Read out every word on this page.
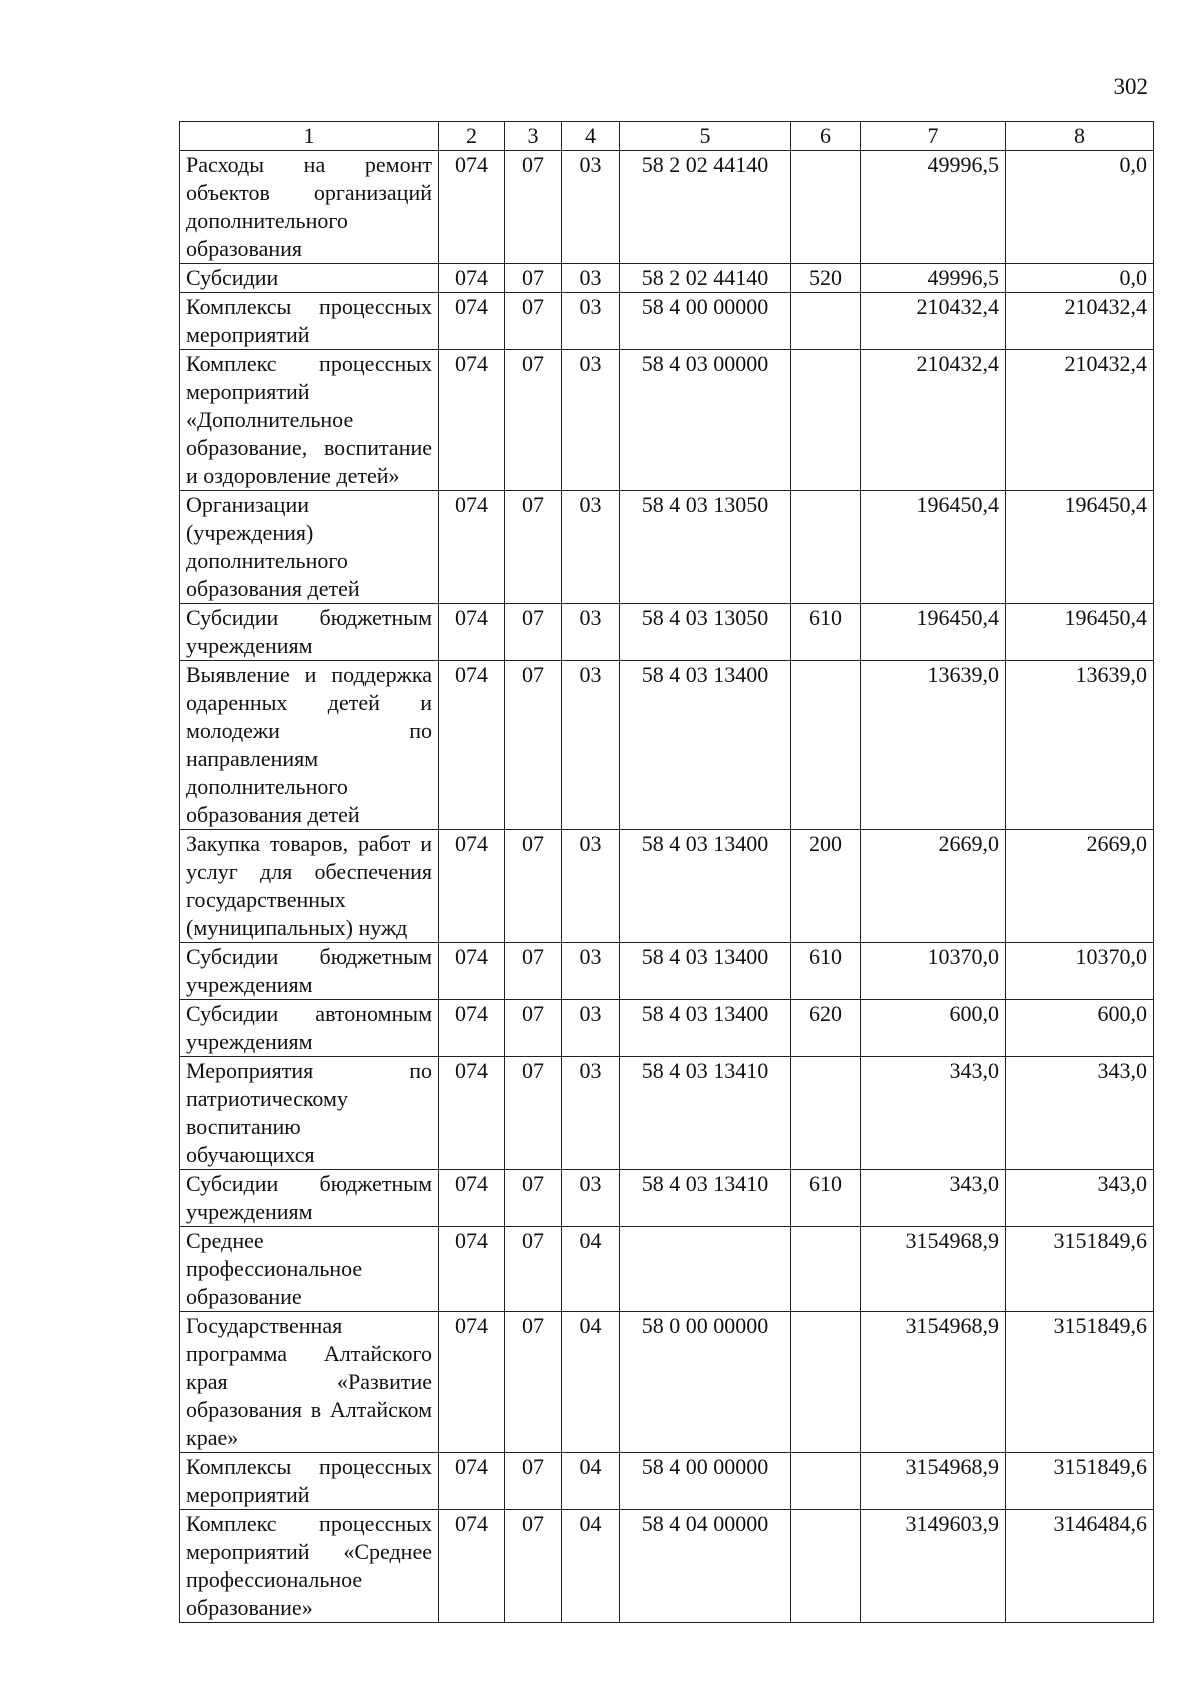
302
1	2	3	4	5	6	7	8
Расходы на ремонт объектов организаций дополнительного образования	074	07	03	58 2 02 44140		49996,5	0,0
Субсидии	074	07	03	58 2 02 44140	520	49996,5	0,0
Комплексы процессных мероприятий	074	07	03	58 4 00 00000		210432,4	210432,4
Комплекс процессных мероприятий «Дополнительное образование, воспитание и оздоровление детей»	074	07	03	58 4 03 00000		210432,4	210432,4
Организации (учреждения) дополнительного образования детей	074	07	03	58 4 03 13050		196450,4	196450,4
Субсидии бюджетным учреждениям	074	07	03	58 4 03 13050	610	196450,4	196450,4
Выявление и поддержка одаренных детей и молодежи по направлениям дополнительного образования детей	074	07	03	58 4 03 13400		13639,0	13639,0
Закупка товаров, работ и услуг для обеспечения государственных (муниципальных) нужд	074	07	03	58 4 03 13400	200	2669,0	2669,0
Субсидии бюджетным учреждениям	074	07	03	58 4 03 13400	610	10370,0	10370,0
Субсидии автономным учреждениям	074	07	03	58 4 03 13400	620	600,0	600,0
Мероприятия по патриотическому воспитанию обучающихся	074	07	03	58 4 03 13410		343,0	343,0
Субсидии бюджетным учреждениям	074	07	03	58 4 03 13410	610	343,0	343,0
Среднее профессиональное образование	074	07	04			3154968,9	3151849,6
Государственная программа Алтайского края «Развитие образования в Алтайском крае»	074	07	04	58 0 00 00000		3154968,9	3151849,6
Комплексы процессных мероприятий	074	07	04	58 4 00 00000		3154968,9	3151849,6
Комплекс процессных мероприятий «Среднее профессиональное образование»	074	07	04	58 4 04 00000		3149603,9	3146484,6
